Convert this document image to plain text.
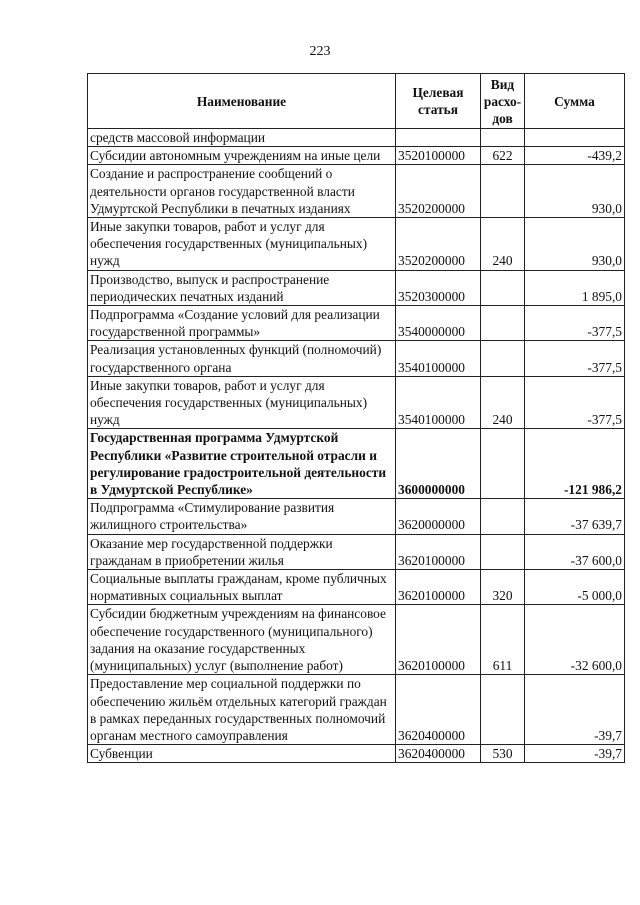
223
Наименование	Целевая статья	Вид расхо-дов	Сумма
средств массовой информации			
Субсидии автономным учреждениям на иные цели	3520100000	622	-439,2
Создание и распространение сообщений о деятельности органов государственной власти Удмуртской Республики в печатных изданиях	3520200000		930,0
Иные закупки товаров, работ и услуг для обеспечения государственных (муниципальных) нужд	3520200000	240	930,0
Производство, выпуск и распространение периодических печатных изданий	3520300000		1 895,0
Подпрограмма «Создание условий для реализации государственной программы»	3540000000		-377,5
Реализация установленных функций (полномочий) государственного органа	3540100000		-377,5
Иные закупки товаров, работ и услуг для обеспечения государственных (муниципальных) нужд	3540100000	240	-377,5
Государственная программа Удмуртской Республики «Развитие строительной отрасли и регулирование градостроительной деятельности в Удмуртской Республике»	3600000000		-121 986,2
Подпрограмма «Стимулирование развития жилищного строительства»	3620000000		-37 639,7
Оказание мер государственной поддержки гражданам в приобретении жилья	3620100000		-37 600,0
Социальные выплаты гражданам, кроме публичных нормативных социальных выплат	3620100000	320	-5 000,0
Субсидии бюджетным учреждениям на финансовое обеспечение государственного (муниципального) задания на оказание государственных (муниципальных) услуг (выполнение работ)	3620100000	611	-32 600,0
Предоставление мер социальной поддержки по обеспечению жильём отдельных категорий граждан в рамках переданных государственных полномочий органам местного самоуправления	3620400000		-39,7
Субвенции	3620400000	530	-39,7
